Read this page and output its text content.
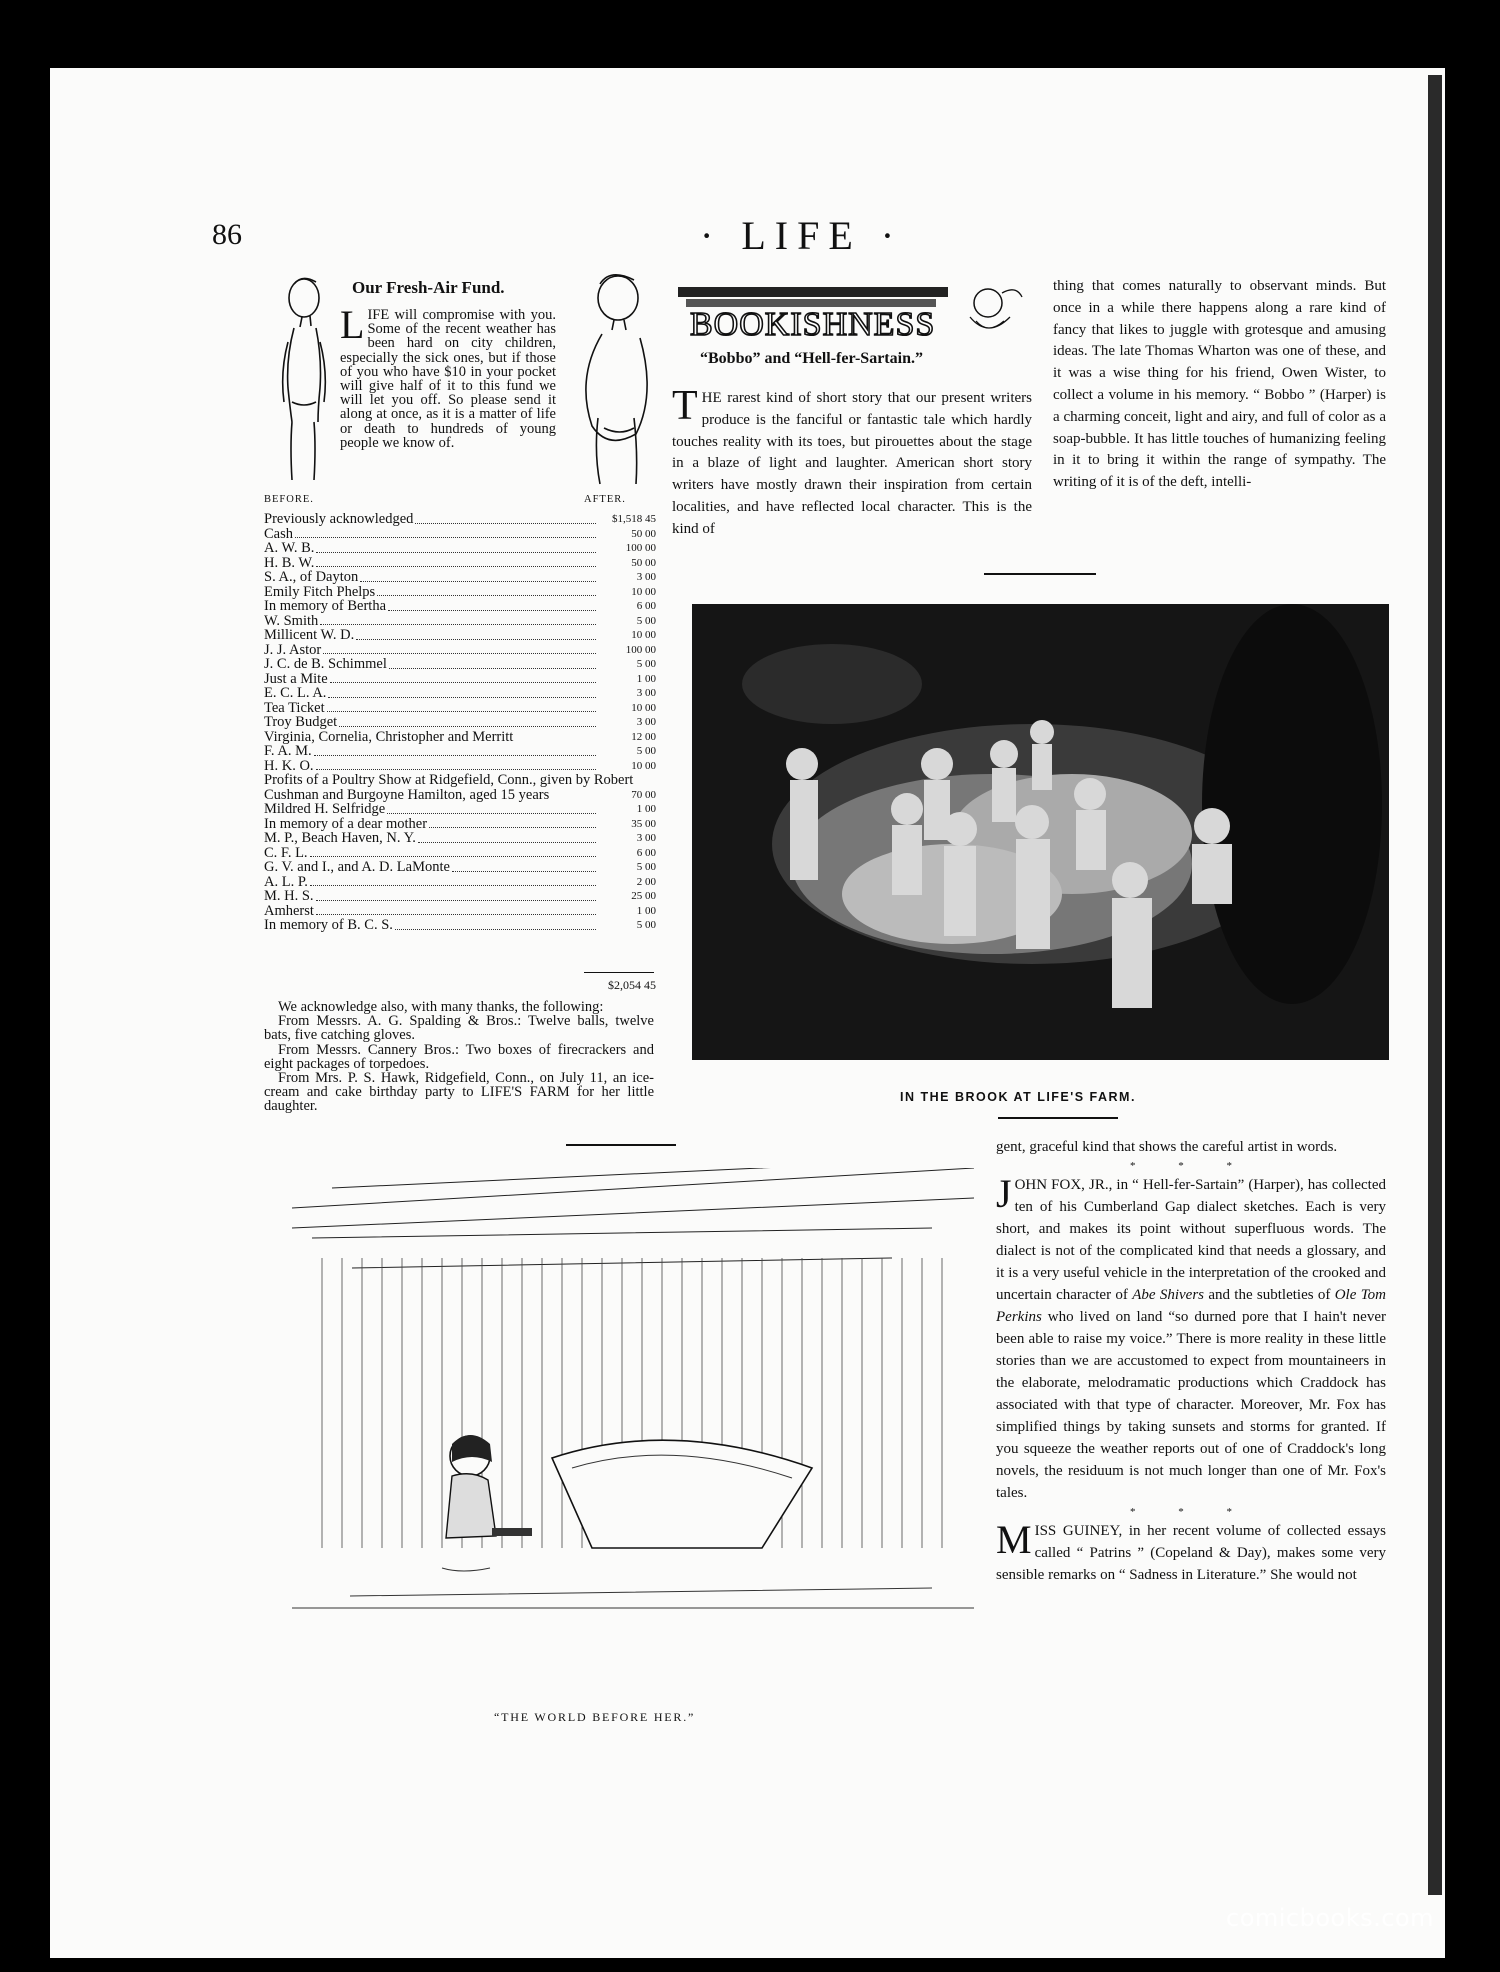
86	· LIFE ·
Our Fresh-Air Fund.
LIFE will compromise with you. Some of the recent weather has been hard on city children, especially the sick ones, but if those of you who have $10 in your pocket will give half of it to this fund we will let you off. So please send it along at once, as it is a matter of life or death to hundreds of young people we know of.
BEFORE.	AFTER.
Previously acknowledged	$1,518 45
Cash	50 00
A. W. B.	100 00
H. B. W.	50 00
S. A., of Dayton	3 00
Emily Fitch Phelps	10 00
In memory of Bertha	6 00
W. Smith	5 00
Millicent W. D.	10 00
J. J. Astor	100 00
J. C. de B. Schimmel	5 00
Just a Mite	1 00
E. C. L. A.	3 00
Tea Ticket	10 00
Troy Budget	3 00
Virginia, Cornelia, Christopher and Merritt	12 00
F. A. M.	5 00
H. K. O.	10 00
Profits of a Poultry Show at Ridgefield, Conn., given by Robert Cushman and Burgoyne Hamilton, aged 15 years	70 00
Mildred H. Selfridge	1 00
In memory of a dear mother	35 00
M. P., Beach Haven, N. Y.	3 00
C. F. L.	6 00
G. V. and I., and A. D. LaMonte	5 00
A. L. P.	2 00
M. H. S.	25 00
Amherst	1 00
In memory of B. C. S.	5 00
$2,054 45

We acknowledge also, with many thanks, the following:

From Messrs. A. G. Spalding & Bros.: Twelve balls, twelve bats, five catching gloves.

From Messrs. Cannery Bros.: Two boxes of firecrackers and eight packages of torpedoes.

From Mrs. P. S. Hawk, Ridgefield, Conn., on July 11, an ice-cream and cake birthday party to LIFE'S FARM for her little daughter.

BOOKISHNESS
“Bobbo” and “Hell-fer-Sartain.”
THE rarest kind of short story that our present writers produce is the fanciful or fantastic tale which hardly touches reality with its toes, but pirouettes about the stage in a blaze of light and laughter. American short story writers have mostly drawn their inspiration from certain localities, and have reflected local character. This is the kind of
thing that comes naturally to observant minds. But once in a while there happens along a rare kind of fancy that likes to juggle with grotesque and amusing ideas. The late Thomas Wharton was one of these, and it was a wise thing for his friend, Owen Wister, to collect a volume in his memory. “ Bobbo ” (Harper) is a charming conceit, light and airy, and full of color as a soap-bubble. It has little touches of humanizing feeling in it to bring it within the range of sympathy. The writing of it is of the deft, intelli-
IN THE BROOK AT LIFE'S FARM.

gent, graceful kind that shows the careful artist in words.

* * *

JOHN FOX, JR., in “ Hell-fer-Sartain” (Harper), has collected ten of his Cumberland Gap dialect sketches. Each is very short, and makes its point without superfluous words. The dialect is not of the complicated kind that needs a glossary, and it is a very useful vehicle in the interpretation of the crooked and uncertain character of Abe Shivers and the subtleties of Ole Tom Perkins who lived on land “so durned pore that I hain't never been able to raise my voice.” There is more reality in these little stories than we are accustomed to expect from mountaineers in the elaborate, melodramatic productions which Craddock has associated with that type of character. Moreover, Mr. Fox has simplified things by taking sunsets and storms for granted. If you squeeze the weather reports out of one of Craddock's long novels, the residuum is not much longer than one of Mr. Fox's tales.

* * *

MISS GUINEY, in her recent volume of collected essays called “ Patrins ” (Copeland & Day), makes some very sensible remarks on “ Sadness in Literature.” She would not

“THE WORLD BEFORE HER.”
comicbooks.com
